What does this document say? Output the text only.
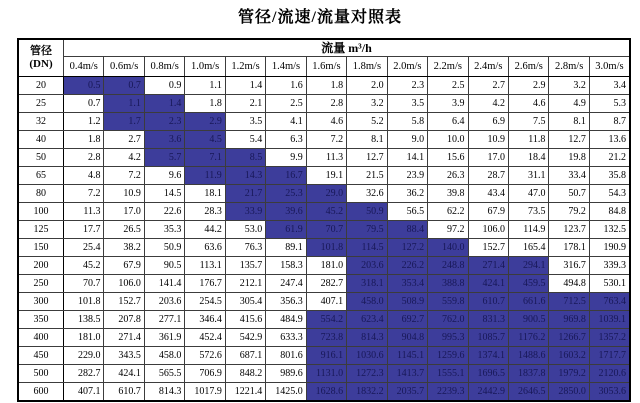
管径/流速/流量对照表
管径
(DN)	流量 m³/h													
	0.4m/s	0.6m/s	0.8m/s	1.0m/s	1.2m/s	1.4m/s	1.6m/s	1.8m/s	2.0m/s	2.2m/s	2.4m/s	2.6m/s	2.8m/s	3.0m/s
20	0.5	0.7	0.9	1.1	1.4	1.6	1.8	2.0	2.3	2.5	2.7	2.9	3.2	3.4
25	0.7	1.1	1.4	1.8	2.1	2.5	2.8	3.2	3.5	3.9	4.2	4.6	4.9	5.3
32	1.2	1.7	2.3	2.9	3.5	4.1	4.6	5.2	5.8	6.4	6.9	7.5	8.1	8.7
40	1.8	2.7	3.6	4.5	5.4	6.3	7.2	8.1	9.0	10.0	10.9	11.8	12.7	13.6
50	2.8	4.2	5.7	7.1	8.5	9.9	11.3	12.7	14.1	15.6	17.0	18.4	19.8	21.2
65	4.8	7.2	9.6	11.9	14.3	16.7	19.1	21.5	23.9	26.3	28.7	31.1	33.4	35.8
80	7.2	10.9	14.5	18.1	21.7	25.3	29.0	32.6	36.2	39.8	43.4	47.0	50.7	54.3
100	11.3	17.0	22.6	28.3	33.9	39.6	45.2	50.9	56.5	62.2	67.9	73.5	79.2	84.8
125	17.7	26.5	35.3	44.2	53.0	61.9	70.7	79.5	88.4	97.2	106.0	114.9	123.7	132.5
150	25.4	38.2	50.9	63.6	76.3	89.1	101.8	114.5	127.2	140.0	152.7	165.4	178.1	190.9
200	45.2	67.9	90.5	113.1	135.7	158.3	181.0	203.6	226.2	248.8	271.4	294.1	316.7	339.3
250	70.7	106.0	141.4	176.7	212.1	247.4	282.7	318.1	353.4	388.8	424.1	459.5	494.8	530.1
300	101.8	152.7	203.6	254.5	305.4	356.3	407.1	458.0	508.9	559.8	610.7	661.6	712.5	763.4
350	138.5	207.8	277.1	346.4	415.6	484.9	554.2	623.4	692.7	762.0	831.3	900.5	969.8	1039.1
400	181.0	271.4	361.9	452.4	542.9	633.3	723.8	814.3	904.8	995.3	1085.7	1176.2	1266.7	1357.2
450	229.0	343.5	458.0	572.6	687.1	801.6	916.1	1030.6	1145.1	1259.6	1374.1	1488.6	1603.2	1717.7
500	282.7	424.1	565.5	706.9	848.2	989.6	1131.0	1272.3	1413.7	1555.1	1696.5	1837.8	1979.2	2120.6
600	407.1	610.7	814.3	1017.9	1221.4	1425.0	1628.6	1832.2	2035.7	2239.3	2442.9	2646.5	2850.0	3053.6
